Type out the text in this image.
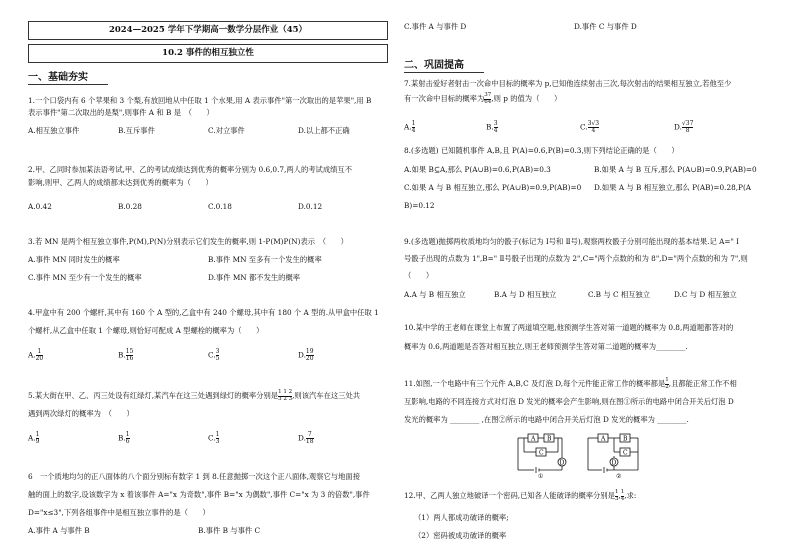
2024—2025 学年下学期高一数学分层作业（45）
10.2 事件的相互独立性
一、基础夯实
1.一个口袋内有 6 个苹果和 3 个梨,有放回地从中任取 1 个水果,用 A 表示事件"第一次取出的是苹果",用 B
表示事件"第二次取出的是梨",则事件 A 和 B 是　（　　）
A.相互独立事件	B.互斥事件	C.对立事件	D.以上都不正确
2.甲、乙同时参加某法语考试,甲、乙的考试成绩达到优秀的概率分别为 0.6,0.7,两人的考试成绩互不
影响,则甲、乙两人的成绩都未达到优秀的概率为（　　）
A.0.42	B.0.28	C.0.18	D.0.12
3.若 MN 是两个相互独立事件,P(M),P(N)分别表示它们发生的概率,则 1-P(M)P(N)表示　（　　）
A.事件 MN 同时发生的概率	B.事件 MN 至多有一个发生的概率
C.事件 MN 至少有一个发生的概率	D.事件 MN 都不发生的概率
4.甲盒中有 200 个螺杆,其中有 160 个 A 型的,乙盒中有 240 个螺母,其中有 180 个 A 型的.从甲盒中任取 1
个螺杆,从乙盒中任取 1 个螺母,则恰好可配成 A 型螺栓的概率为（　　）
A. $\frac{1}{20}$	B. $\frac{15}{16}$	C. $\frac{3}{5}$	D. $\frac{19}{20}$
5.某大街在甲、乙、丙三处设有红绿灯,某汽车在这三处遇到绿灯的概率分别是 $\frac{1 1 2}{3 2 3}$ ,则该汽车在这三处共
遇到两次绿灯的概率为　（　　）
A. $\frac{1}{9}$	B. $\frac{1}{6}$	C. $\frac{1}{3}$	D. $\frac{7}{18}$
6　一个质地均匀的正八面体的八个面分别标有数字 1 到 8.任意抛掷一次这个正八面体,观察它与地面接
触的面上的数字,设该数字为 x 着该事件 A="x 为奇数",事件 B="x 为偶数",事件 C="x 为 3 的倍数",事件
D="x≤3",下列各组事件中是相互独立事件的是（　　）
A.事件 A 与事件 B	B.事件 B 与事件 C
C.事件 A 与事件 D	D.事件 C 与事件 D
二、巩固提高
7.某射击爱好者射击一次命中目标的概率为 p,已知他连续射击三次,每次射击的结果相互独立,若他至少
有一次命中目标的概率为 $\frac{37}{64}$ ,则 p 的值为（　　）
A. $\frac{1}{4}$	B. $\frac{3}{4}$	C. $\frac{3√3}{4}$	D. $\frac{√37}{8}$
8.(多选题) 已知随机事件 A,B,且 P(A)=0.6,P(B)=0.3,则下列结论正确的是（　　）
A.如果 B⊆A,那么 P(A∪B)=0.6,P(AB)=0.3	B.如果 A 与 B 互斥,那么 P(A∪B)=0.9,P(AB)=0
C.如果 A 与 B 相互独立,那么 P(A∪B)=0.9,P(AB)=0 D.如果 A 与 B 相互独立,那么 P(AB)=0.28,P(A
B)=0.12
9.(多选题)抛掷两枚质地均匀的骰子(标记为 Ⅰ号和 Ⅱ号),观察两枚骰子分别可能出现的基本结果.记 A=" Ⅰ
号骰子出现的点数为 1",B=" Ⅱ号骰子出现的点数为 2",C="两个点数的和为 8",D="两个点数的和为 7",则
（　　）
A.A 与 B 相互独立	B.A 与 D 相互独立	C.B 与 C 相互独立	D.C 与 D 相互独立
10.某中学的王老师在课堂上布置了两道填空题,他预测学生答对第一道题的概率为 0.8,两道题都答对的
概率为 0.6,两道题是否答对相互独立,则王老师预测学生答对第二道题的概率为________.
11.如图,一个电路中有三个元件 A,B,C 及灯泡 D,每个元件能正常工作的概率都是 $\frac{1}{2}$ ,且都能正常工作不相
互影响,电路的不同连接方式对灯泡 D 发光的概率会产生影响,则在图①所示的电路中闭合开关后灯泡 D
发光的概率为 ________ ,在图②所示的电路中闭合开关后灯泡 D 发光的概率为 ________.
A B
C
D
①
A	B
C
D
②
12.甲、乙两人独立地破译一个密码,已知各人能破译的概率分别是 $\frac{1}{3}$ , $\frac{1}{4}$ ,求:
（1）两人都成功破译的概率;
（2）密码被成功破译的概率
